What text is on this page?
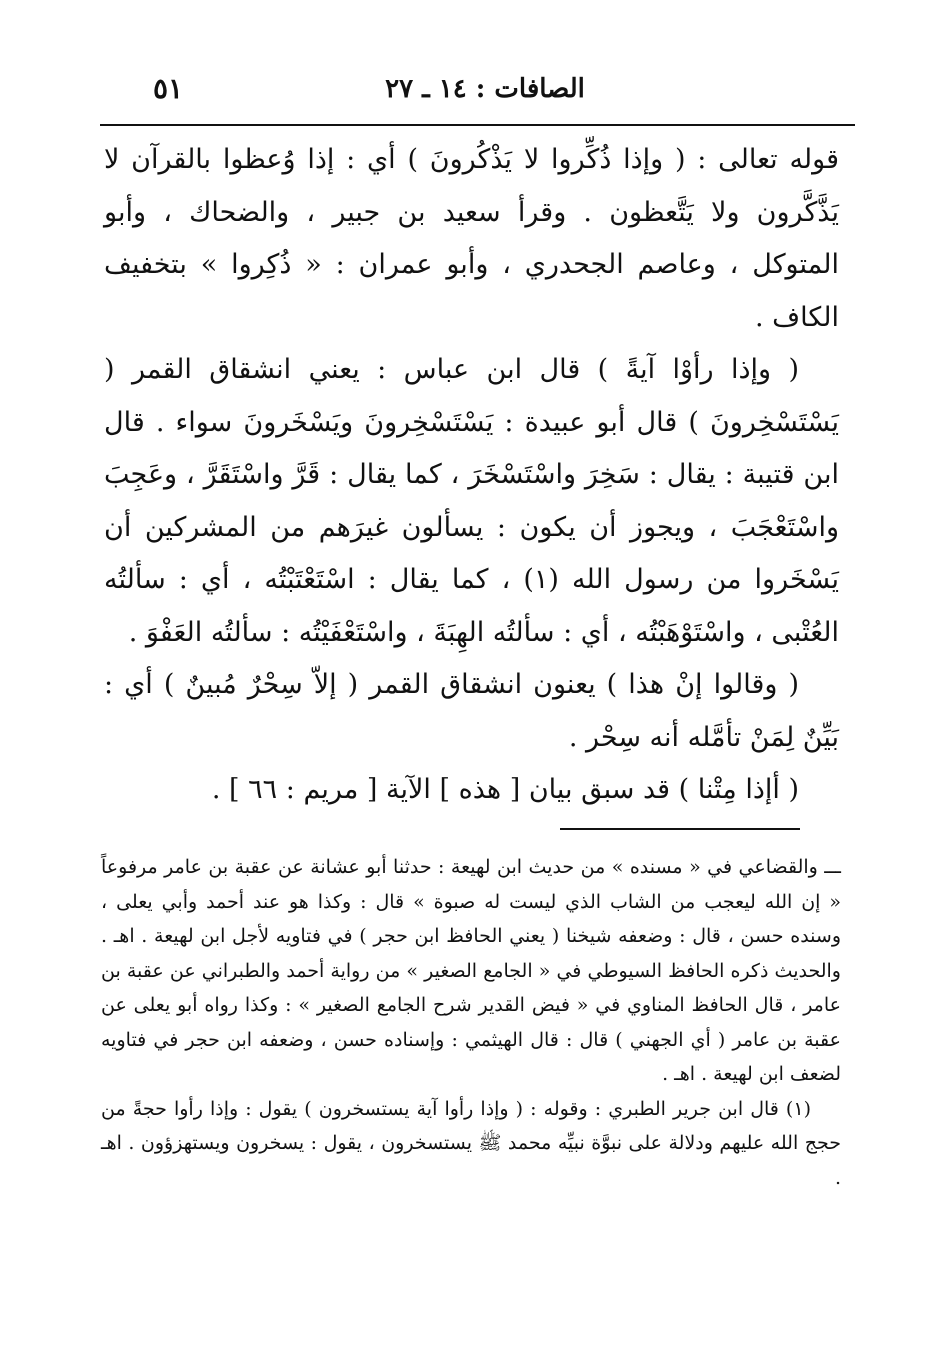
الصافات : ١٤ ـ ٢٧
٥١

قوله تعالى : ( وإذا ذُكِّروا لا يَذْكُرونَ ) أي : إذا وُعظوا بالقرآن لا يَذَّكَّرون ولا يَتَّعظون . وقرأ سعيد بن جبير ، والضحاك ، وأبو المتوكل ، وعاصم الجحدري ، وأبو عمران : « ذُكِروا » بتخفيف الكاف .

( وإذا رأوْا آيةً ) قال ابن عباس : يعني انشقاق القمر ( يَسْتَسْخِرونَ ) قال أبو عبيدة : يَسْتَسْخِرونَ ويَسْخَرونَ سواء . قال ابن قتيبة : يقال : سَخِرَ واسْتَسْخَرَ ، كما يقال : قَرَّ واسْتَقَرَّ ، وعَجِبَ واسْتَعْجَبَ ، ويجوز أن يكون : يسألون غيرَهم من المشركين أن يَسْخَروا من رسول الله (١) ، كما يقال : اسْتَعْتَبْتُه ، أي : سألتُه العُتْبى ، واسْتَوْهَبْتُه ، أي : سألتُه الهِبَةَ ، واسْتَعْفَيْتُه : سألتُه العَفْوَ .

( وقالوا إنْ هذا ) يعنون انشقاق القمر ( إلاّ سِحْرٌ مُبينٌ ) أي : بَيِّنٌ لِمَنْ تأمَّله أنه سِحْر .

( أإذا مِتْنا ) قد سبق بيان [ هذه ] الآية [ مريم : ٦٦ ] .

ـــ والقضاعي في « مسنده » من حديث ابن لهيعة : حدثنا أبو عشانة عن عقبة بن عامر مرفوعاً « إن الله ليعجب من الشاب الذي ليست له صبوة » قال : وكذا هو عند أحمد وأبي يعلى ، وسنده حسن ، قال : وضعفه شيخنا ( يعني الحافظ ابن حجر ) في فتاويه لأجل ابن لهيعة . اهـ . والحديث ذكره الحافظ السيوطي في « الجامع الصغير » من رواية أحمد والطبراني عن عقبة بن عامر ، قال الحافظ المناوي في « فيض القدير شرح الجامع الصغير » : وكذا رواه أبو يعلى عن عقبة بن عامر ( أي الجهني ) قال : قال الهيثمي : وإسناده حسن ، وضعفه ابن حجر في فتاويه لضعف ابن لهيعة . اهـ .

(١) قال ابن جرير الطبري : وقوله : ( وإذا رأوا آية يستسخرون ) يقول : وإذا رأوا حجةً من حجج الله عليهم ودلالة على نبوَّة نبيِّه محمد ﷺ يستسخرون ، يقول : يسخرون ويستهزؤون . اهـ .
